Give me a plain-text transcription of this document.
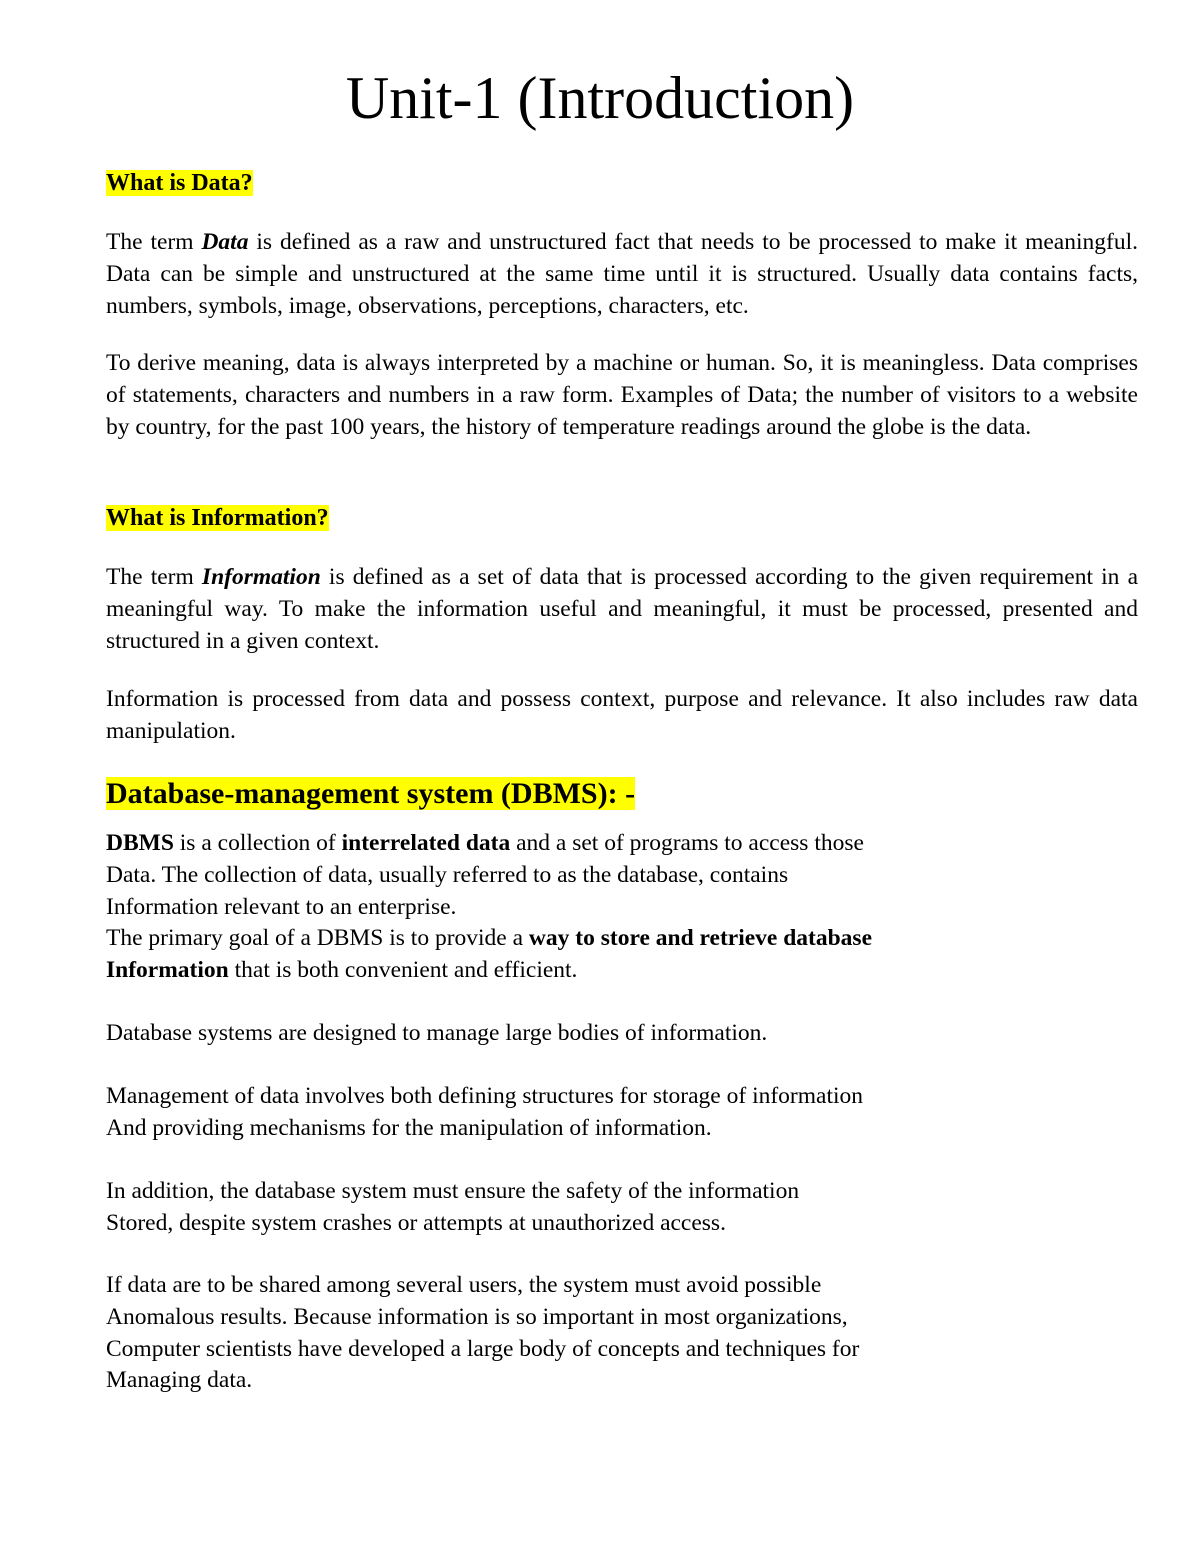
Unit-1 (Introduction)
What is Data?

The term Data is defined as a raw and unstructured fact that needs to be processed to make it meaningful. Data can be simple and unstructured at the same time until it is structured. Usually data contains facts, numbers, symbols, image, observations, perceptions, characters, etc.

To derive meaning, data is always interpreted by a machine or human. So, it is meaningless. Data comprises of statements, characters and numbers in a raw form. Examples of Data; the number of visitors to a website by country, for the past 100 years, the history of temperature readings around the globe is the data.

What is Information?

The term Information is defined as a set of data that is processed according to the given requirement in a meaningful way. To make the information useful and meaningful, it must be processed, presented and structured in a given context.

Information is processed from data and possess context, purpose and relevance. It also includes raw data manipulation.

Database-management system (DBMS): -

DBMS is a collection of interrelated data and a set of programs to access those
Data. The collection of data, usually referred to as the database, contains
Information relevant to an enterprise.
The primary goal of a DBMS is to provide a way to store and retrieve database
Information that is both convenient and efficient.

Database systems are designed to manage large bodies of information.

Management of data involves both defining structures for storage of information
And providing mechanisms for the manipulation of information.

In addition, the database system must ensure the safety of the information
Stored, despite system crashes or attempts at unauthorized access.

If data are to be shared among several users, the system must avoid possible
Anomalous results. Because information is so important in most organizations,
Computer scientists have developed a large body of concepts and techniques for
Managing data.
